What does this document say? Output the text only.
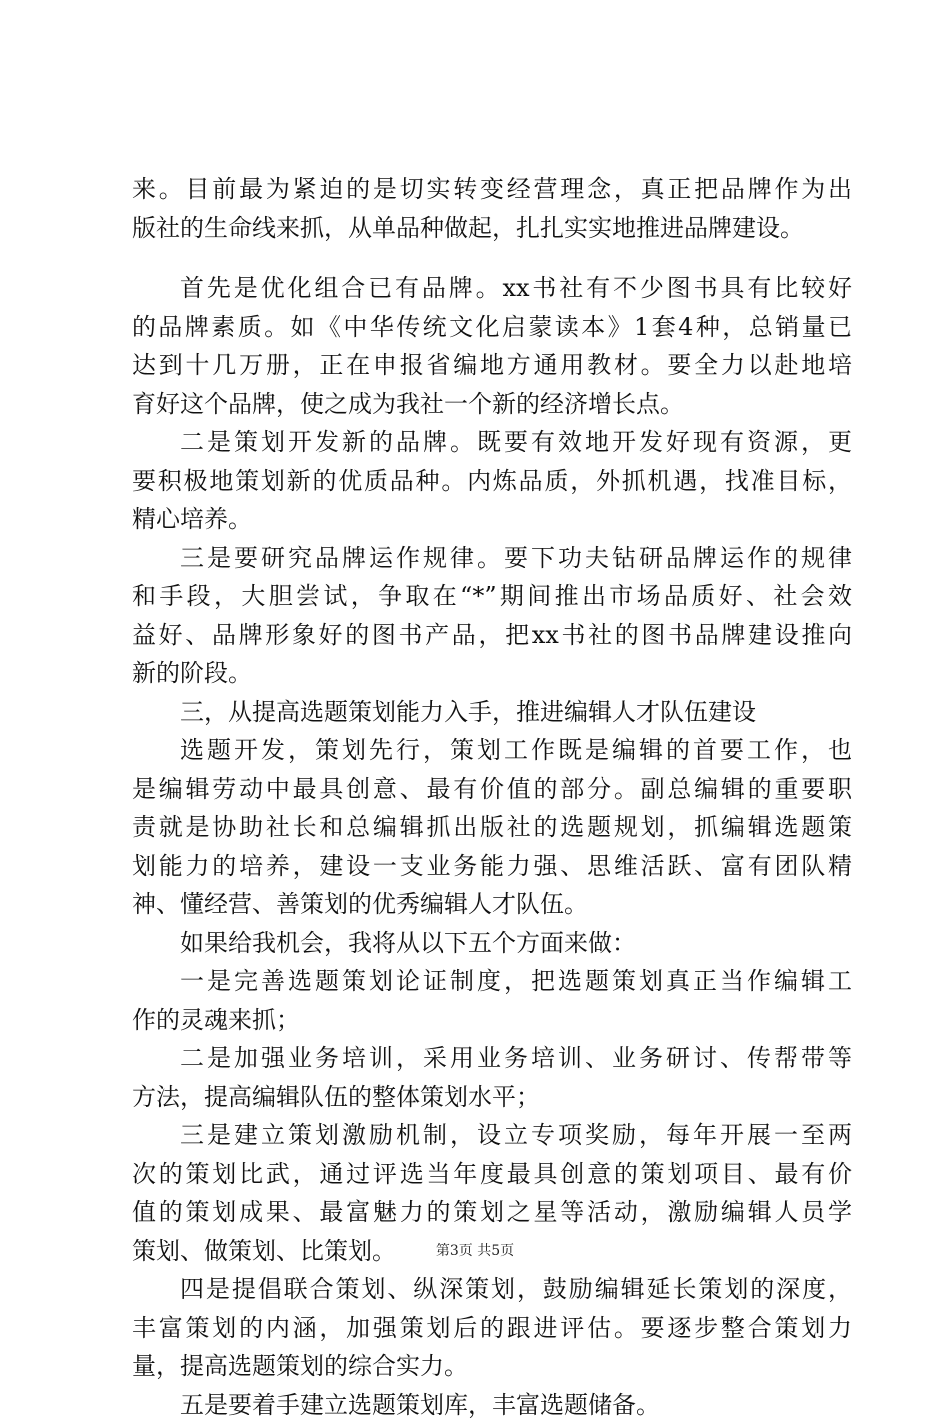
来。目前最为紧迫的是切实转变经营理念，真正把品牌作为出
版社的生命线来抓，从单品种做起，扎扎实实地推进品牌建设。
首先是优化组合已有品牌。xx书社有不少图书具有比较好
的品牌素质。如《中华传统文化启蒙读本》1套4种，总销量已
达到十几万册，正在申报省编地方通用教材。要全力以赴地培
育好这个品牌，使之成为我社一个新的经济增长点。
二是策划开发新的品牌。既要有效地开发好现有资源，更
要积极地策划新的优质品种。内炼品质，外抓机遇，找准目标，
精心培养。
三是要研究品牌运作规律。要下功夫钻研品牌运作的规律
和手段，大胆尝试，争取在“*”期间推出市场品质好、社会效
益好、品牌形象好的图书产品，把xx书社的图书品牌建设推向
新的阶段。
三，从提高选题策划能力入手，推进编辑人才队伍建设
选题开发，策划先行，策划工作既是编辑的首要工作，也
是编辑劳动中最具创意、最有价值的部分。副总编辑的重要职
责就是协助社长和总编辑抓出版社的选题规划，抓编辑选题策
划能力的培养，建设一支业务能力强、思维活跃、富有团队精
神、懂经营、善策划的优秀编辑人才队伍。
如果给我机会，我将从以下五个方面来做：
一是完善选题策划论证制度，把选题策划真正当作编辑工
作的灵魂来抓；
二是加强业务培训，采用业务培训、业务研讨、传帮带等
方法，提高编辑队伍的整体策划水平；
三是建立策划激励机制，设立专项奖励，每年开展一至两
次的策划比武，通过评选当年度最具创意的策划项目、最有价
值的策划成果、最富魅力的策划之星等活动，激励编辑人员学
策划、做策划、比策划。
四是提倡联合策划、纵深策划，鼓励编辑延长策划的深度，
丰富策划的内涵，加强策划后的跟进评估。要逐步整合策划力
量，提高选题策划的综合实力。
五是要着手建立选题策划库，丰富选题储备。
第3页 共5页
